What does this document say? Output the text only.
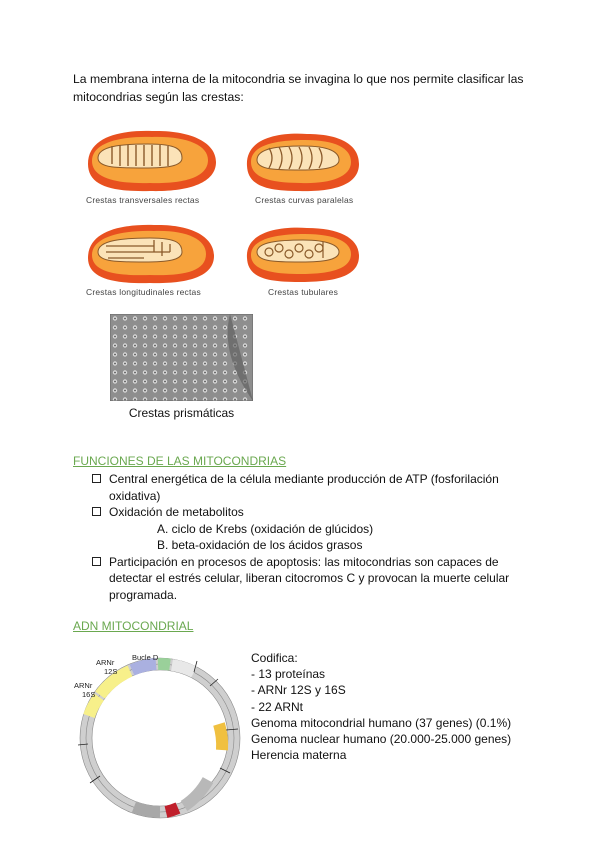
La membrana interna de la mitocondria se invagina lo que nos permite clasificar las
mitocondrias según las crestas:
Crestas transversales rectas	Crestas curvas paralelas
Crestas longitudinales rectas	Crestas tubulares
Crestas prismáticas
FUNCIONES DE LAS MITOCONDRIAS
Central energética de la célula mediante producción de ATP (fosforilación
oxidativa)
Oxidación de metabolitos
A. ciclo de Krebs (oxidación de glúcidos)
B. beta-oxidación de los ácidos grasos
Participación en procesos de apoptosis: las mitocondrias son capaces de
detectar el estrés celular, liberan citocromos C y provocan la muerte celular
programada.
ADN MITOCONDRIAL
ARNr
12S
ARNr
16S
Bucle D	Codifica:
- 13 proteínas
- ARNr 12S y 16S
- 22 ARNt
Genoma mitocondrial humano (37 genes) (0.1%)
Genoma nuclear humano (20.000-25.000 genes)
Herencia materna
